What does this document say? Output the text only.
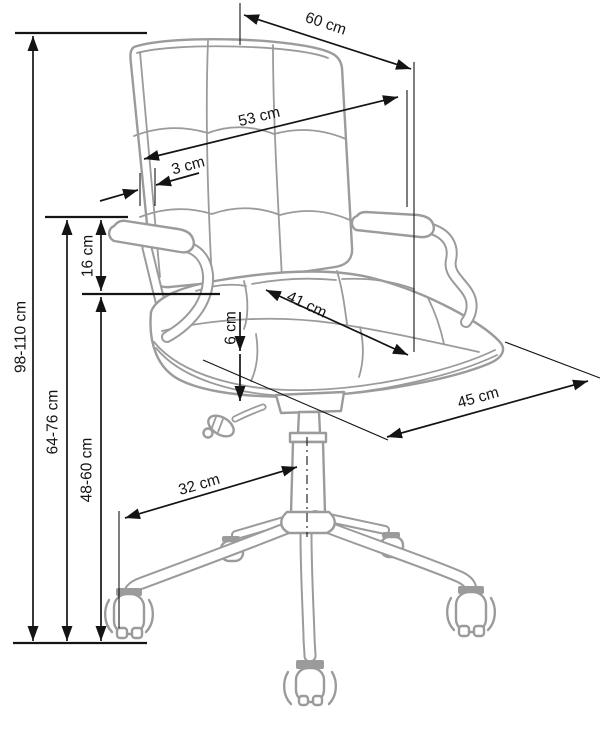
60 cm
53 cm
3 cm
16 cm
6 cm
41 cm
45 cm
32 cm
98-110 cm
64-76 cm
48-60 cm
